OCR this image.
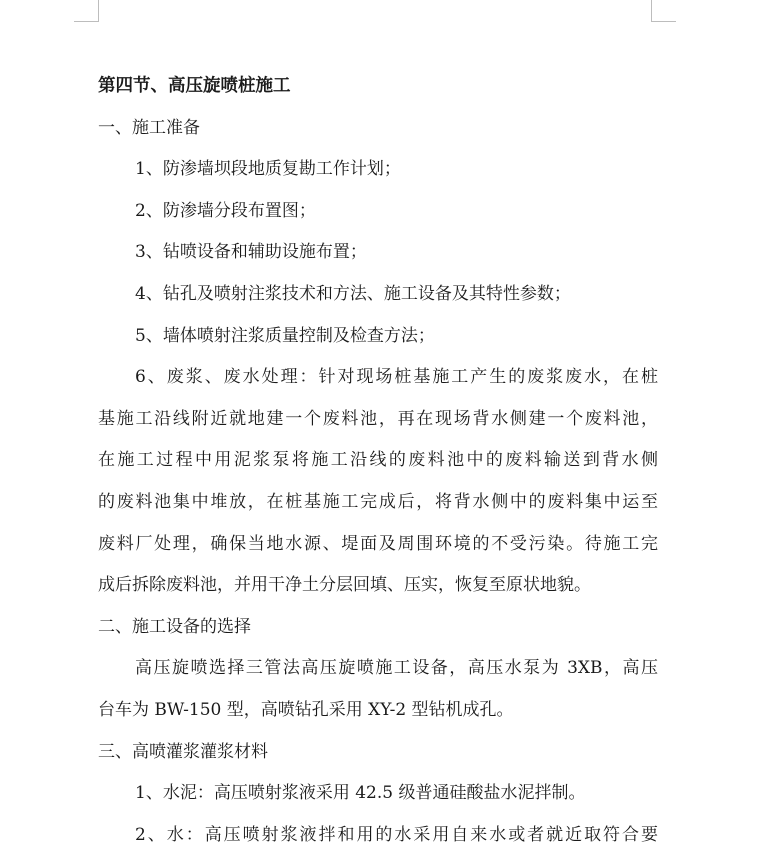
第四节、高压旋喷桩施工
一、施工准备
1、防渗墙坝段地质复勘工作计划；
2、防渗墙分段布置图；
3、钻喷设备和辅助设施布置；
4、钻孔及喷射注浆技术和方法、施工设备及其特性参数；
5、墙体喷射注浆质量控制及检查方法；
6、废浆、废水处理：针对现场桩基施工产生的废浆废水，在桩
基施工沿线附近就地建一个废料池，再在现场背水侧建一个废料池，
在施工过程中用泥浆泵将施工沿线的废料池中的废料输送到背水侧
的废料池集中堆放，在桩基施工完成后，将背水侧中的废料集中运至
废料厂处理，确保当地水源、堤面及周围环境的不受污染。待施工完
成后拆除废料池，并用干净土分层回填、压实，恢复至原状地貌。
二、施工设备的选择
高压旋喷选择三管法高压旋喷施工设备，高压水泵为 3XB，高压
台车为 BW-150 型，高喷钻孔采用 XY-2 型钻机成孔。
三、高喷灌浆灌浆材料
1、水泥：高压喷射浆液采用 42.5 级普通硅酸盐水泥拌制。
2、水：高压喷射浆液拌和用的水采用自来水或者就近取符合要
